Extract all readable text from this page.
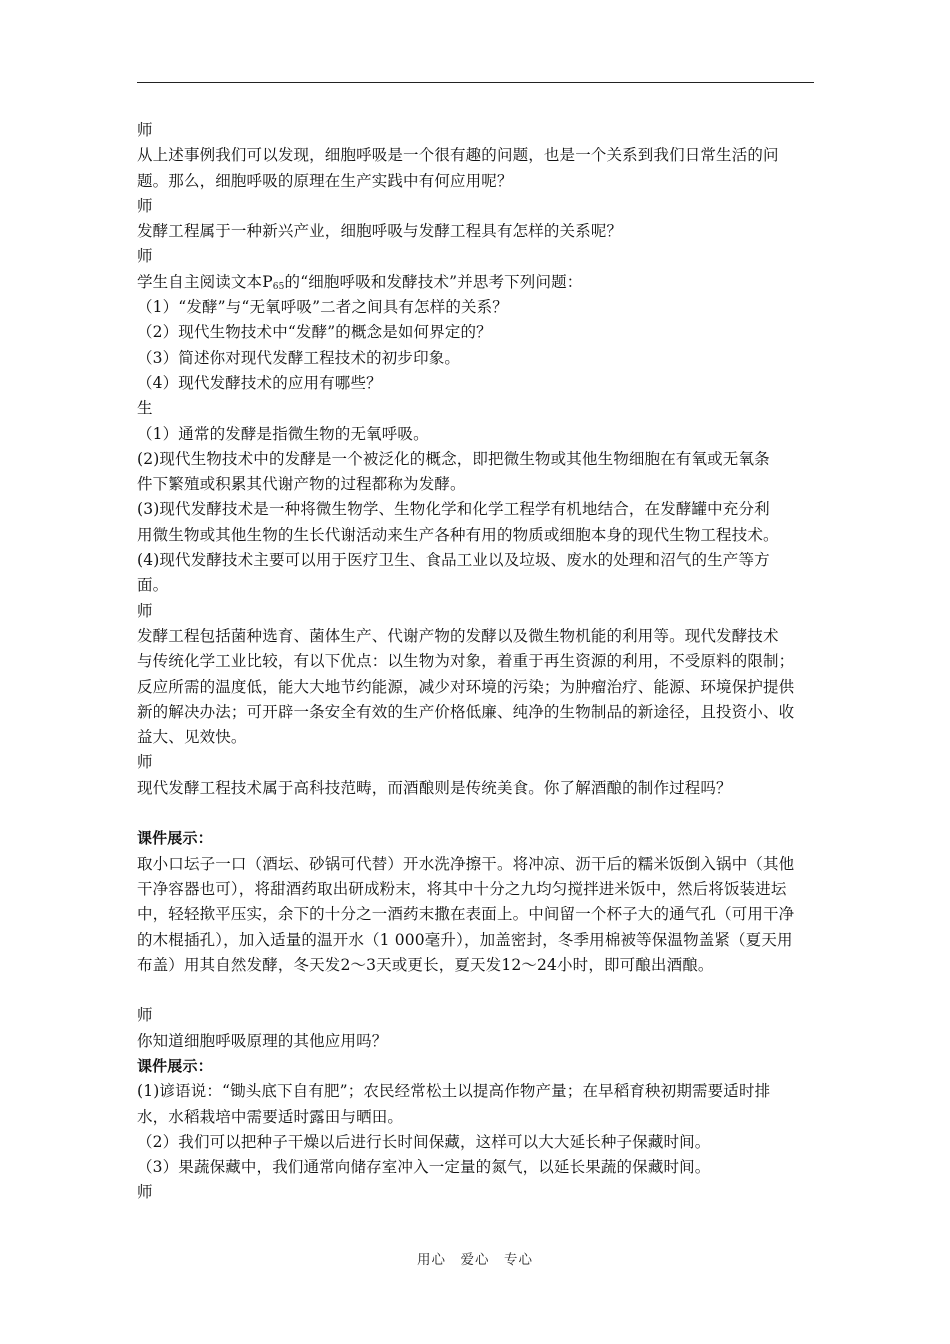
师
从上述事例我们可以发现，细胞呼吸是一个很有趣的问题，也是一个关系到我们日常生活的问
题。那么，细胞呼吸的原理在生产实践中有何应用呢？
师
发酵工程属于一种新兴产业，细胞呼吸与发酵工程具有怎样的关系呢？
师
学生自主阅读文本$P_{65}$的“细胞呼吸和发酵技术”并思考下列问题：
（1）“发酵”与“无氧呼吸”二者之间具有怎样的关系？
（2）现代生物技术中“发酵”的概念是如何界定的？
（3）简述你对现代发酵工程技术的初步印象。
（4）现代发酵技术的应用有哪些？
生
（1）通常的发酵是指微生物的无氧呼吸。
(2)现代生物技术中的发酵是一个被泛化的概念，即把微生物或其他生物细胞在有氧或无氧条
件下繁殖或积累其代谢产物的过程都称为发酵。
(3)现代发酵技术是一种将微生物学、生物化学和化学工程学有机地结合，在发酵罐中充分利
用微生物或其他生物的生长代谢活动来生产各种有用的物质或细胞本身的现代生物工程技术。
(4)现代发酵技术主要可以用于医疗卫生、食品工业以及垃圾、废水的处理和沼气的生产等方
面。
师
发酵工程包括菌种选育、菌体生产、代谢产物的发酵以及微生物机能的利用等。现代发酵技术
与传统化学工业比较，有以下优点：以生物为对象，着重于再生资源的利用，不受原料的限制；
反应所需的温度低，能大大地节约能源，减少对环境的污染；为肿瘤治疗、能源、环境保护提供
新的解决办法；可开辟一条安全有效的生产价格低廉、纯净的生物制品的新途径，且投资小、收
益大、见效快。
师
现代发酵工程技术属于高科技范畴，而酒酿则是传统美食。你了解酒酿的制作过程吗？
课件展示：
取小口坛子一口（酒坛、砂锅可代替）开水洗净擦干。将冲凉、沥干后的糯米饭倒入锅中（其他
干净容器也可），将甜酒药取出研成粉末，将其中十分之九均匀搅拌进米饭中，然后将饭装进坛
中，轻轻揿平压实，余下的十分之一酒药末撒在表面上。中间留一个杯子大的通气孔（可用干净
的木棍插孔），加入适量的温开水（1 000毫升），加盖密封，冬季用棉被等保温物盖紧（夏天用
布盖）用其自然发酵，冬天发2～3天或更长，夏天发12～24小时，即可酿出酒酿。
师
你知道细胞呼吸原理的其他应用吗？
课件展示：
(1)谚语说：“锄头底下自有肥”；农民经常松土以提高作物产量；在早稻育秧初期需要适时排
水，水稻栽培中需要适时露田与晒田。
（2）我们可以把种子干燥以后进行长时间保藏，这样可以大大延长种子保藏时间。
（3）果蔬保藏中，我们通常向储存室冲入一定量的氮气，以延长果蔬的保藏时间。
师
用心　爱心　专心
